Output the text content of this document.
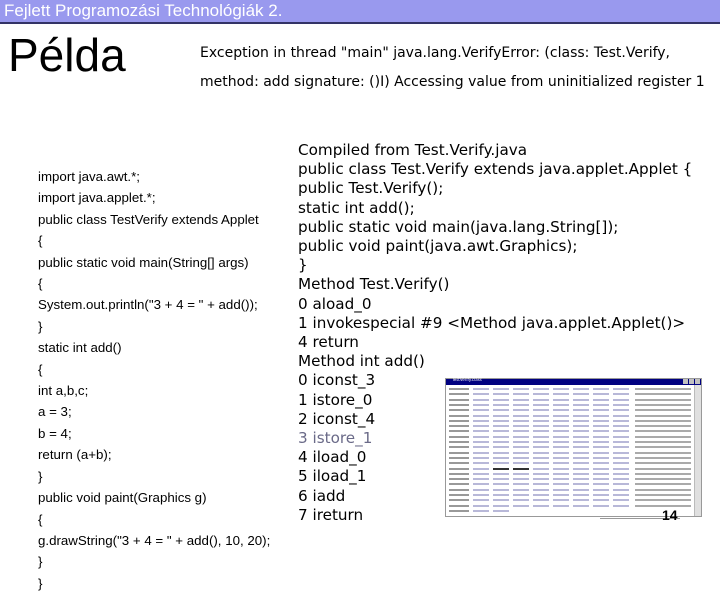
Fejlett Programozási Technológiák 2.
Példa	Exception in thread "main" java.lang.VerifyError: (class: Test.Verify,
method: add signature: ()I) Accessing value from uninitialized register 1
import java.awt.*;
import java.applet.*;
public class TestVerify extends Applet
{
public static void main(String[] args)
{
System.out.println("3 + 4 = " + add());
}
static int add()
{
int a,b,c;
a = 3;
b = 4;
return (a+b);
}
public void paint(Graphics g)
{
g.drawString("3 + 4 = " + add(), 10, 20);
}
}
Compiled from Test.Verify.java
public class Test.Verify extends java.applet.Applet {
public Test.Verify();
static int add();
public static void main(java.lang.String[]);
public void paint(java.awt.Graphics);
}
Method Test.Verify()
0 aload_0
1 invokespecial #9 <Method java.applet.Applet()>
4 return
Method int add()
0 iconst_3
1 istore_0
2 iconst_4
3 istore_1
4 iload_0
5 iload_1
6 iadd
7 ireturn
TestVerify.class
14
